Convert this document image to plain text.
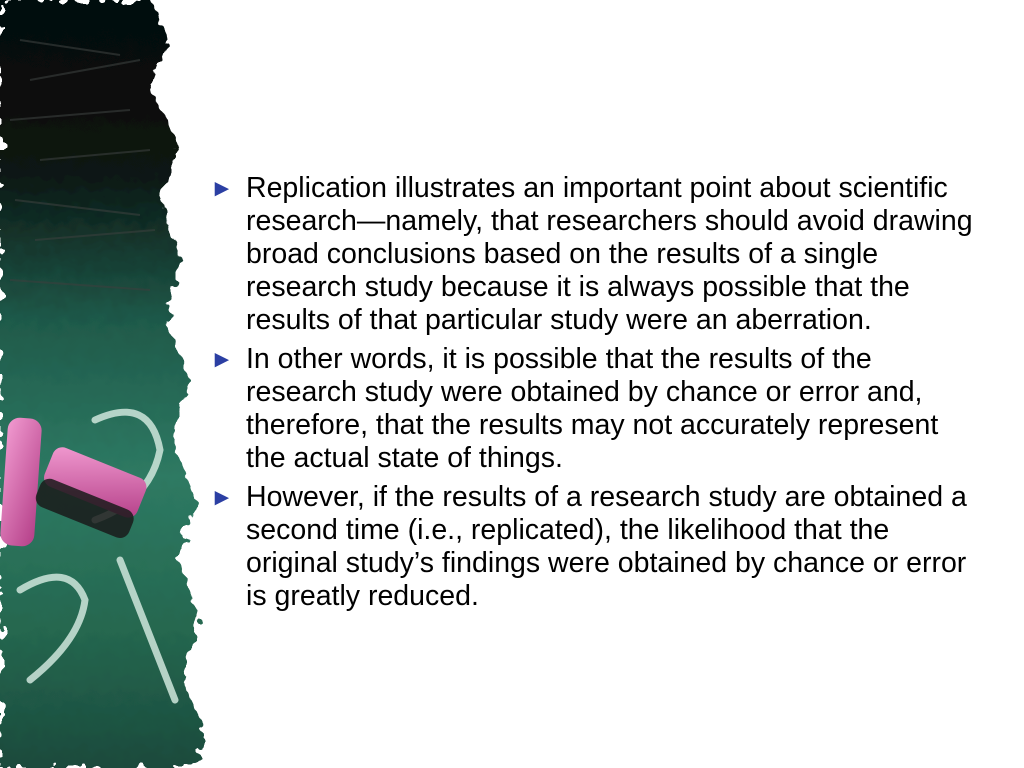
► Replication illustrates an important point about scientific research—namely, that researchers should avoid drawing broad conclusions based on the results of a single research study because it is always possible that the results of that particular study were an aberration.
► In other words, it is possible that the results of the research study were obtained by chance or error and, therefore, that the results may not accurately represent the actual state of things.
► However, if the results of a research study are obtained a second time (i.e., replicated), the likelihood that the original study’s findings were obtained by chance or error is greatly reduced.
